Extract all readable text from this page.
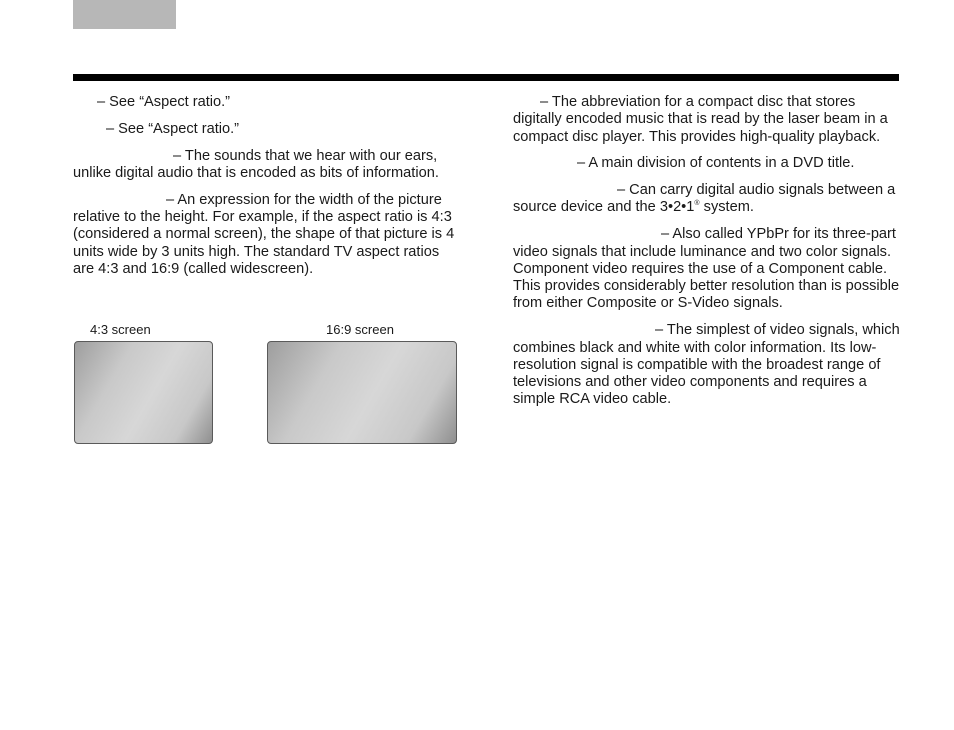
– See “Aspect ratio.”

– See “Aspect ratio.”

– The sounds that we hear with our ears, unlike digital audio that is encoded as bits of information.

– An expression for the width of the picture relative to the height. For example, if the aspect ratio is 4:3 (considered a normal screen), the shape of that picture is 4 units wide by 3 units high. The standard TV aspect ratios are 4:3 and 16:9 (called widescreen).

4:3 screen	16:9 screen

– The abbreviation for a compact disc that stores digitally encoded music that is read by the laser beam in a compact disc player. This provides high-quality playback.

– A main division of contents in a DVD title.

– Can carry digital audio signals between a source device and the 3•2•1® system.

– Also called YPbPr for its three-part video signals that include luminance and two color signals. Component video requires the use of a Component cable. This provides considerably better resolution than is possible from either Composite or S-Video signals.

– The simplest of video signals, which combines black and white with color information. Its low- resolution signal is compatible with the broadest range of televisions and other video components and requires a simple RCA video cable.
